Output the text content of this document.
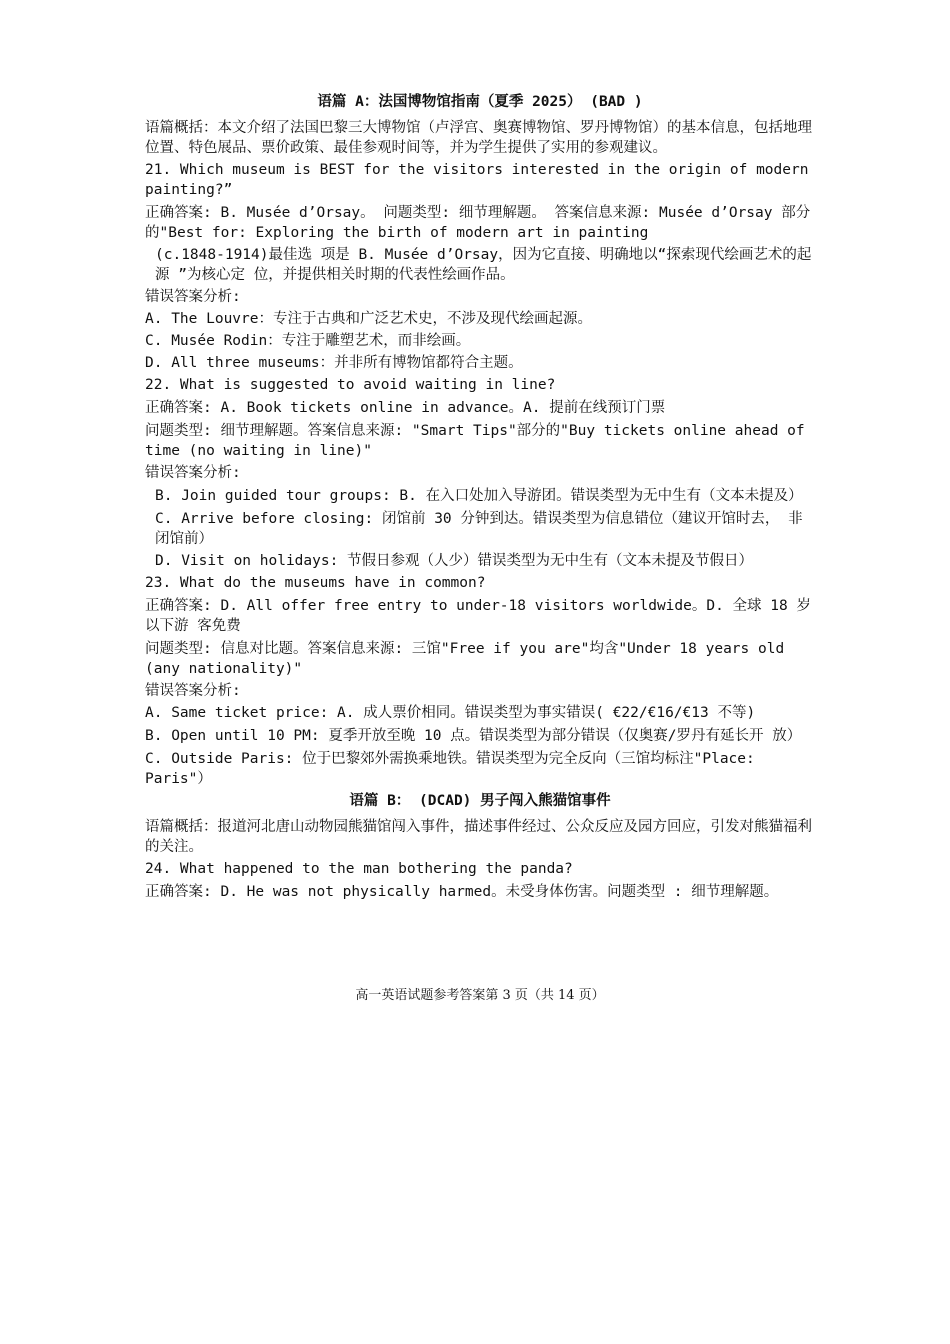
语篇 A：法国博物馆指南（夏季 2025） (BAD )
语篇概括：本文介绍了法国巴黎三大博物馆（卢浮宫、奥赛博物馆、罗丹博物馆）的基本信息，包括地理位置、特色展品、票价政策、最佳参观时间等，并为学生提供了实用的参观建议。
21. Which museum is BEST for the visitors interested in the origin of modern painting?”
正确答案: B. Musée d’Orsay。 问题类型: 细节理解题。 答案信息来源: Musée d’Orsay 部分的"Best for: Exploring the birth of modern art in painting
(c.1848-1914)最佳选 项是 B. Musée d’Orsay，因为它直接、明确地以“探索现代绘画艺术的起源 ”为核心定 位，并提供相关时期的代表性绘画作品。
错误答案分析:
A. The Louvre：专注于古典和广泛艺术史，不涉及现代绘画起源。
C. Musée Rodin：专注于雕塑艺术，而非绘画。
D. All three museums：并非所有博物馆都符合主题。
22. What is suggested to avoid waiting in line?
正确答案: A. Book tickets online in advance。A. 提前在线预订门票
问题类型: 细节理解题。答案信息来源: "Smart Tips"部分的"Buy tickets online ahead of time (no waiting in line)"
错误答案分析:
B. Join guided tour groups: B. 在入口处加入导游团。错误类型为无中生有（文本未提及）
C. Arrive before closing: 闭馆前 30 分钟到达。错误类型为信息错位（建议开馆时去， 非闭馆前）
D. Visit on holidays: 节假日参观（人少）错误类型为无中生有（文本未提及节假日）
23. What do the museums have in common?
正确答案: D. All offer free entry to under-18 visitors worldwide。D. 全球 18 岁以下游 客免费
问题类型: 信息对比题。答案信息来源: 三馆"Free if you are"均含"Under 18 years old (any nationality)"
错误答案分析:
A. Same ticket price: A. 成人票价相同。错误类型为事实错误( €22/€16/€13 不等)
B. Open until 10 PM: 夏季开放至晚 10 点。错误类型为部分错误（仅奥赛/罗丹有延长开 放）
C. Outside Paris: 位于巴黎郊外需换乘地铁。错误类型为完全反向（三馆均标注"Place: Paris"）
语篇 B： (DCAD) 男子闯入熊猫馆事件
语篇概括：报道河北唐山动物园熊猫馆闯入事件，描述事件经过、公众反应及园方回应，引发对熊猫福利的关注。
24. What happened to the man bothering the panda?
正确答案: D. He was not physically harmed。未受身体伤害。问题类型 : 细节理解题。
高一英语试题参考答案第 3 页（共 14 页）
